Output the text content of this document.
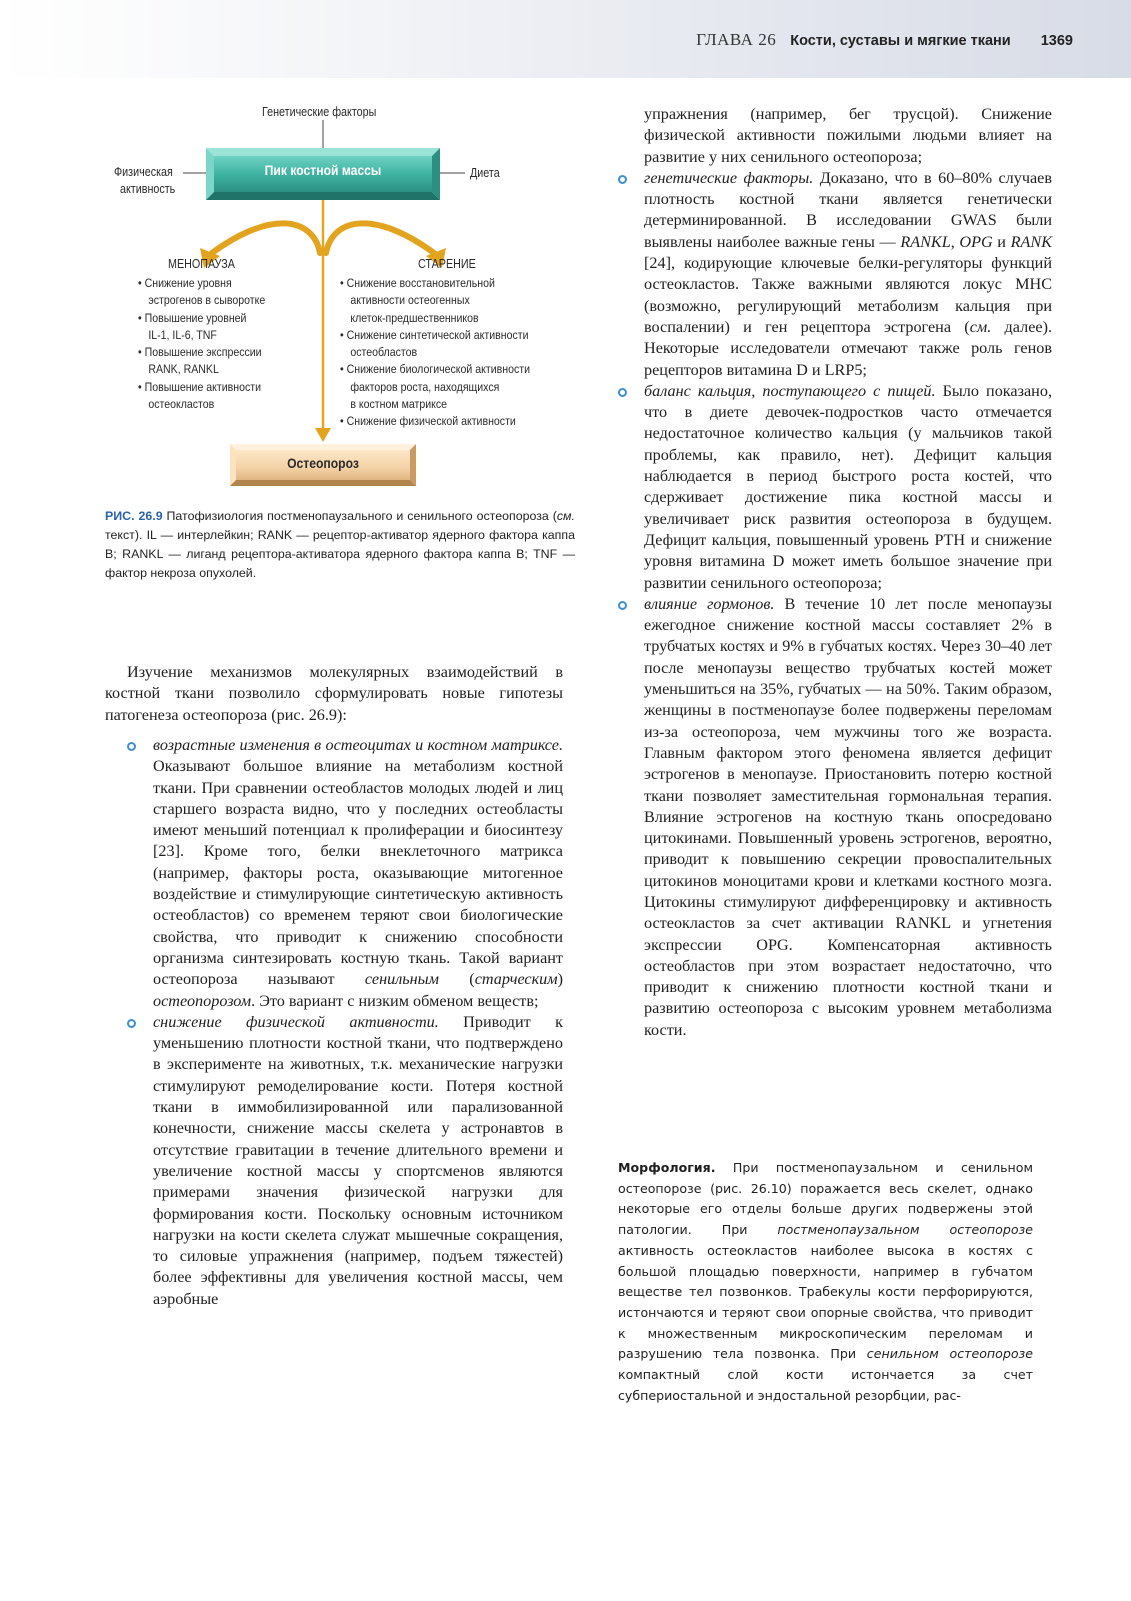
ГЛАВА 26 Кости, суставы и мягкие ткани 1369
Генетические факторы
Физическая
активность
Диета
Пик костной массы
МЕНОПАУЗА	СТАРЕНИЕ
• Снижение уровня
эстрогенов в сыворотке
• Повышение уровней
IL-1, IL-6, TNF
• Повышение экспрессии
RANK, RANKL
• Повышение активности
остеокластов
• Снижение восстановительной
активности остеогенных
клеток-предшественников
• Снижение синтетической активности
остеобластов
• Снижение биологической активности
факторов роста, находящихся
в костном матриксе
• Снижение физической активности
Остеопороз
РИС. 26.9 Патофизиология постменопаузального и сенильного остеопороза (см. текст). IL — интерлейкин; RANK — рецептор-активатор ядерного фактора каппа B; RANKL — лиганд рецептора-активатора ядерного фактора каппа B; TNF — фактор некроза опухолей.

Изучение механизмов молекулярных взаимодействий в костной ткани позволило сформулировать новые гипотезы патогенеза остеопороза (рис. 26.9):

возрастные изменения в остеоцитах и костном матриксе. Оказывают большое влияние на метаболизм костной ткани. При сравнении остеобластов молодых людей и лиц старшего возраста видно, что у последних остеобласты имеют меньший потенциал к пролиферации и биосинтезу [23]. Кроме того, белки внеклеточного матрикса (например, факторы роста, оказывающие митогенное воздействие и стимулирующие синтетическую активность остеобластов) со временем теряют свои биологические свойства, что приводит к снижению способности организма синтезировать костную ткань. Такой вариант остеопороза называют сенильным (старческим) остеопорозом. Это вариант с низким обменом веществ;
снижение физической активности. Приводит к уменьшению плотности костной ткани, что подтверждено в эксперименте на животных, т.к. механические нагрузки стимулируют ремоделирование кости. Потеря костной ткани в иммобилизированной или парализованной конечности, снижение массы скелета у астронавтов в отсутствие гравитации в течение длительного времени и увеличение костной массы у спортсменов являются примерами значения физической нагрузки для формирования кости. Поскольку основным источником нагрузки на кости скелета служат мышечные сокращения, то силовые упражнения (например, подъем тяжестей) более эффективны для увеличения костной массы, чем аэробные
упражнения (например, бег трусцой). Снижение физической активности пожилыми людьми влияет на развитие у них сенильного остеопороза;
генетические факторы. Доказано, что в 60–80% случаев плотность костной ткани является генетически детерминированной. В исследовании GWAS были выявлены наиболее важные гены — RANKL, OPG и RANK [24], кодирующие ключевые белки-регуляторы функций остеокластов. Также важными являются локус MHC (возможно, регулирующий метаболизм кальция при воспалении) и ген рецептора эстрогена (см. далее). Некоторые исследователи отмечают также роль генов рецепторов витамина D и LRP5;
баланс кальция, поступающего с пищей. Было показано, что в диете девочек-подростков часто отмечается недостаточное количество кальция (у мальчиков такой проблемы, как правило, нет). Дефицит кальция наблюдается в период быстрого роста костей, что сдерживает достижение пика костной массы и увеличивает риск развития остеопороза в будущем. Дефицит кальция, повышенный уровень PTH и снижение уровня витамина D может иметь большое значение при развитии сенильного остеопороза;
влияние гормонов. В течение 10 лет после менопаузы ежегодное снижение костной массы составляет 2% в трубчатых костях и 9% в губчатых костях. Через 30–40 лет после менопаузы вещество трубчатых костей может уменьшиться на 35%, губчатых — на 50%. Таким образом, женщины в постменопаузе более подвержены переломам из-за остеопороза, чем мужчины того же возраста. Главным фактором этого феномена является дефицит эстрогенов в менопаузе. Приостановить потерю костной ткани позволяет заместительная гормональная терапия. Влияние эстрогенов на костную ткань опосредовано цитокинами. Повышенный уровень эстрогенов, вероятно, приводит к повышению секреции провоспалительных цитокинов моноцитами крови и клетками костного мозга. Цитокины стимулируют дифференцировку и активность остеокластов за счет активации RANKL и угнетения экспрессии OPG. Компенсаторная активность остеобластов при этом возрастает недостаточно, что приводит к снижению плотности костной ткани и развитию остеопороза с высоким уровнем метаболизма кости.
Морфология. При постменопаузальном и сенильном остеопорозе (рис. 26.10) поражается весь скелет, однако некоторые его отделы больше других подвержены этой патологии. При постменопаузальном остеопорозе активность остеокластов наиболее высока в костях с большой площадью поверхности, например в губчатом веществе тел позвонков. Трабекулы кости перфорируются, истончаются и теряют свои опорные свойства, что приводит к множественным микроскопическим переломам и разрушению тела позвонка. При сенильном остеопорозе компактный слой кости истончается за счет субпериостальной и эндостальной резорбции, рас-
